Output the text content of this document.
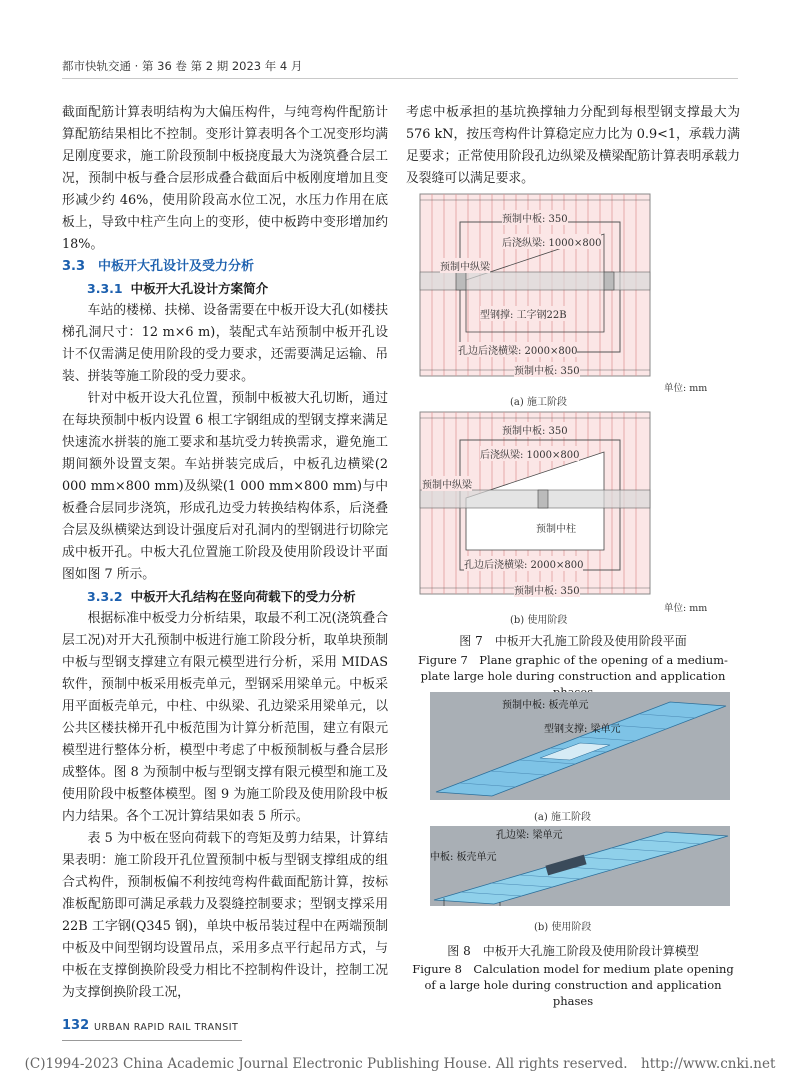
都市快轨交通 · 第 36 卷 第 2 期 2023 年 4 月

截面配筋计算表明结构为大偏压构件，与纯弯构件配筋计算配筋结果相比不控制。变形计算表明各个工况变形均满足刚度要求，施工阶段预制中板挠度最大为浇筑叠合层工况，预制中板与叠合层形成叠合截面后中板刚度增加且变形减少约 46%，使用阶段高水位工况，水压力作用在底板上，导致中柱产生向上的变形，使中板跨中变形增加约 18%。

3.3　中板开大孔设计及受力分析

3.3.1 中板开大孔设计方案简介

车站的楼梯、扶梯、设备需要在中板开设大孔(如楼扶梯孔洞尺寸：12 m×6 m)，装配式车站预制中板开孔设计不仅需满足使用阶段的受力要求，还需要满足运输、吊装、拼装等施工阶段的受力要求。

针对中板开设大孔位置，预制中板被大孔切断，通过在每块预制中板内设置 6 根工字钢组成的型钢支撑来满足快速流水拼装的施工要求和基坑受力转换需求，避免施工期间额外设置支架。车站拼装完成后，中板孔边横梁(2 000 mm×800 mm)及纵梁(1 000 mm×800 mm)与中板叠合层同步浇筑，形成孔边受力转换结构体系，后浇叠合层及纵横梁达到设计强度后对孔洞内的型钢进行切除完成中板开孔。中板大孔位置施工阶段及使用阶段设计平面图如图 7 所示。

3.3.2 中板开大孔结构在竖向荷载下的受力分析

根据标准中板受力分析结果，取最不利工况(浇筑叠合层工况)对开大孔预制中板进行施工阶段分析，取单块预制中板与型钢支撑建立有限元模型进行分析，采用 MIDAS 软件，预制中板采用板壳单元，型钢采用梁单元。中板采用平面板壳单元，中柱、中纵梁、孔边梁采用梁单元，以公共区楼扶梯开孔中板范围为计算分析范围，建立有限元模型进行整体分析，模型中考虑了中板预制板与叠合层形成整体。图 8 为预制中板与型钢支撑有限元模型和施工及使用阶段中板整体模型。图 9 为施工阶段及使用阶段中板内力结果。各个工况计算结果如表 5 所示。

表 5 为中板在竖向荷载下的弯矩及剪力结果，计算结果表明：施工阶段开孔位置预制中板与型钢支撑组成的组合式构件，预制板偏不利按纯弯构件截面配筋计算，按标准板配筋即可满足承载力及裂缝控制要求；型钢支撑采用 22B 工字钢(Q345 钢)，单块中板吊装过程中在两端预制中板及中间型钢均设置吊点，采用多点平行起吊方式，与中板在支撑倒换阶段受力相比不控制构件设计，控制工况为支撑倒换阶段工况，

考虑中板承担的基坑换撑轴力分配到每根型钢支撑最大为 576 kN，按压弯构件计算稳定应力比为 0.9<1，承载力满足要求；正常使用阶段孔边纵梁及横梁配筋计算表明承载力及裂缝可以满足要求。

预制中板: 350
后浇纵梁: 1000×800
预制中纵梁
型钢撑: 工字钢22B
孔边后浇横梁: 2000×800
预制中板: 350
单位: mm
(a) 施工阶段
预制中板: 350
后浇纵梁: 1000×800
预制中纵梁
预制中柱
孔边后浇横梁: 2000×800
预制中板: 350
单位: mm
(b) 使用阶段
图 7　中板开大孔施工阶段及使用阶段平面
Figure 7　Plane graphic of the opening of a medium-plate large hole during construction and application
预制中板: 板壳单元
型钢支撑: 梁单元
(a) 施工阶段
孔边梁: 梁单元
中板: 板壳单元
(b) 使用阶段
图 8　中板开大孔施工阶段及使用阶段计算模型
Figure 8　Calculation model for medium plate opening of a large hole during construction and application phases
132 URBAN RAPID RAIL TRANSIT
(C)1994-2023 China Academic Journal Electronic Publishing House. All rights reserved.　http://www.cnki.net
